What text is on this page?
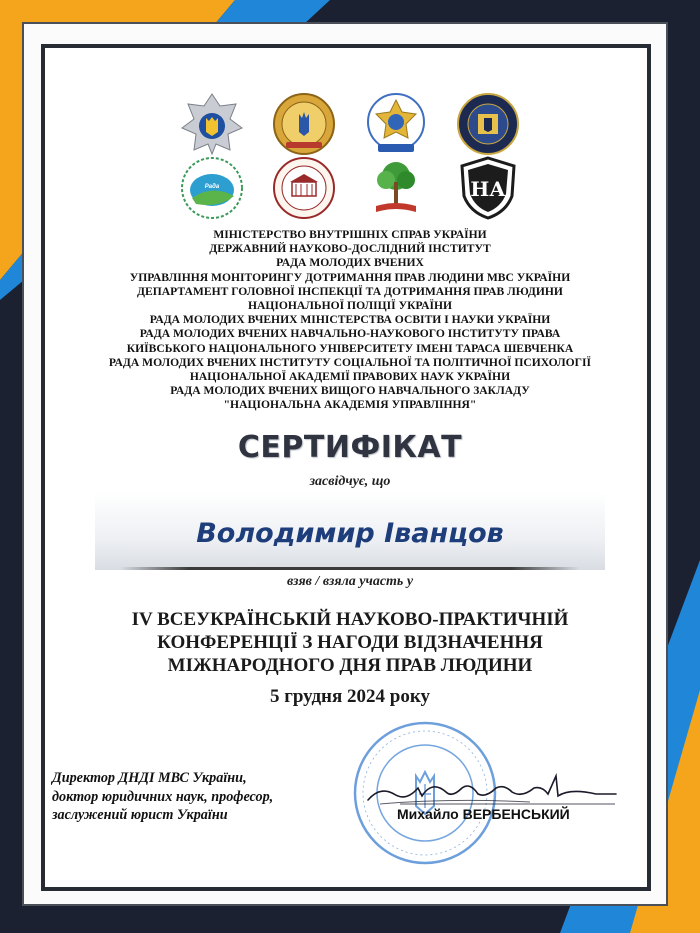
Рада	НА
МІНІСТЕРСТВО ВНУТРІШНІХ СПРАВ УКРАЇНИ
ДЕРЖАВНИЙ НАУКОВО-ДОСЛІДНИЙ ІНСТИТУТ
РАДА МОЛОДИХ ВЧЕНИХ
УПРАВЛІННЯ МОНІТОРИНГУ ДОТРИМАННЯ ПРАВ ЛЮДИНИ МВС УКРАЇНИ
ДЕПАРТАМЕНТ ГОЛОВНОЇ ІНСПЕКЦІЇ ТА ДОТРИМАННЯ ПРАВ ЛЮДИНИ
НАЦІОНАЛЬНОЇ ПОЛІЦІЇ УКРАЇНИ
РАДА МОЛОДИХ ВЧЕНИХ МІНІСТЕРСТВА ОСВІТИ І НАУКИ УКРАЇНИ
РАДА МОЛОДИХ ВЧЕНИХ НАВЧАЛЬНО-НАУКОВОГО ІНСТИТУТУ ПРАВА
КИЇВСЬКОГО НАЦІОНАЛЬНОГО УНІВЕРСИТЕТУ ІМЕНІ ТАРАСА ШЕВЧЕНКА
РАДА МОЛОДИХ ВЧЕНИХ ІНСТИТУТУ СОЦІАЛЬНОЇ ТА ПОЛІТИЧНОЇ ПСИХОЛОГІЇ
НАЦІОНАЛЬНОЇ АКАДЕМІЇ ПРАВОВИХ НАУК УКРАЇНИ
РАДА МОЛОДИХ ВЧЕНИХ ВИЩОГО НАВЧАЛЬНОГО ЗАКЛАДУ
"НАЦІОНАЛЬНА АКАДЕМІЯ УПРАВЛІННЯ"
СЕРТИФІКАТ
засвідчує, що
Володимир Іванцов
взяв / взяла участь у
IV ВСЕУКРАЇНСЬКІЙ НАУКОВО-ПРАКТИЧНІЙ
КОНФЕРЕНЦІЇ З НАГОДИ ВІДЗНАЧЕННЯ
МІЖНАРОДНОГО ДНЯ ПРАВ ЛЮДИНИ
5 грудня 2024 року
Директор ДНДІ МВС України,
доктор юридичних наук, професор,
заслужений юрист України	Михайло ВЕРБЕНСЬКИЙ
